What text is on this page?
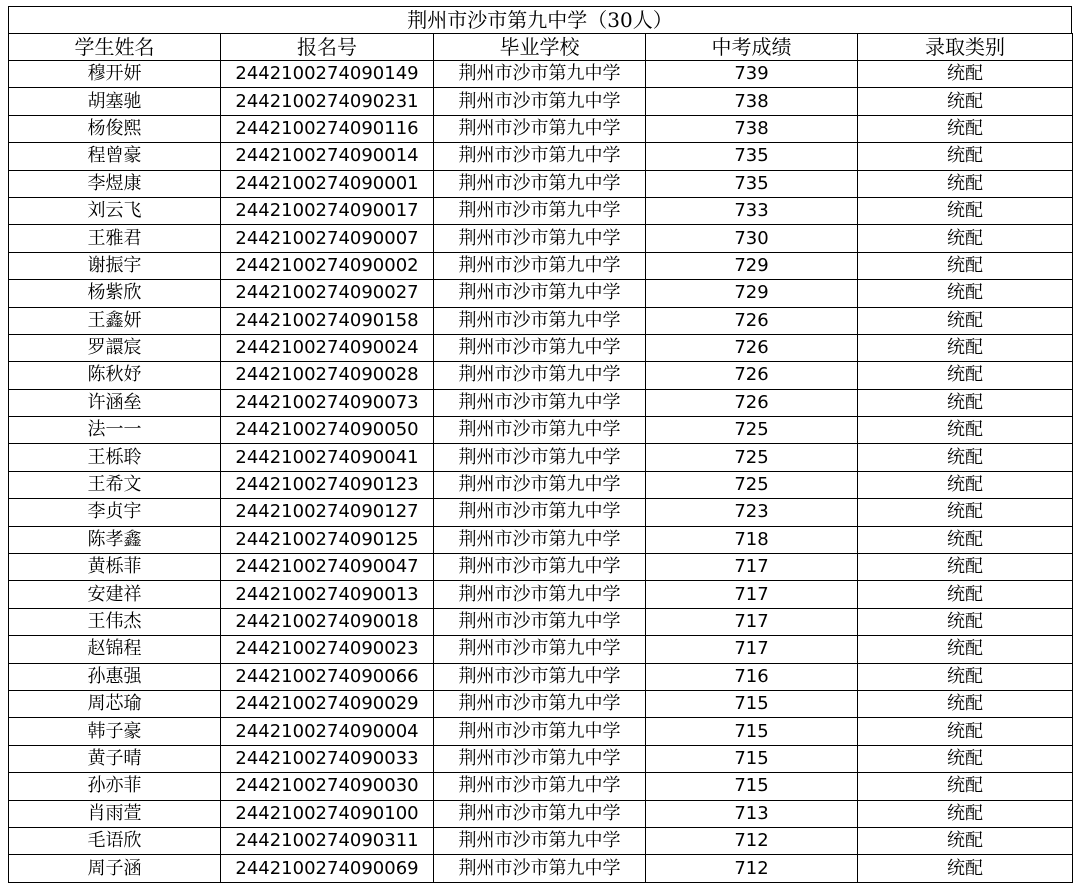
荆州市沙市第九中学（30人）
学生姓名	报名号	毕业学校	中考成绩	录取类别
穆开妍	2442100274090149	荆州市沙市第九中学	739	统配
胡塞驰	2442100274090231	荆州市沙市第九中学	738	统配
杨俊熙	2442100274090116	荆州市沙市第九中学	738	统配
程曾豪	2442100274090014	荆州市沙市第九中学	735	统配
李煜康	2442100274090001	荆州市沙市第九中学	735	统配
刘云飞	2442100274090017	荆州市沙市第九中学	733	统配
王雅君	2442100274090007	荆州市沙市第九中学	730	统配
谢振宇	2442100274090002	荆州市沙市第九中学	729	统配
杨紫欣	2442100274090027	荆州市沙市第九中学	729	统配
王鑫妍	2442100274090158	荆州市沙市第九中学	726	统配
罗譞宸	2442100274090024	荆州市沙市第九中学	726	统配
陈秋妤	2442100274090028	荆州市沙市第九中学	726	统配
许涵垒	2442100274090073	荆州市沙市第九中学	726	统配
法一一	2442100274090050	荆州市沙市第九中学	725	统配
王栎聆	2442100274090041	荆州市沙市第九中学	725	统配
王希文	2442100274090123	荆州市沙市第九中学	725	统配
李贞宇	2442100274090127	荆州市沙市第九中学	723	统配
陈孝鑫	2442100274090125	荆州市沙市第九中学	718	统配
黄栎菲	2442100274090047	荆州市沙市第九中学	717	统配
安建祥	2442100274090013	荆州市沙市第九中学	717	统配
王伟杰	2442100274090018	荆州市沙市第九中学	717	统配
赵锦程	2442100274090023	荆州市沙市第九中学	717	统配
孙惠强	2442100274090066	荆州市沙市第九中学	716	统配
周芯瑜	2442100274090029	荆州市沙市第九中学	715	统配
韩子豪	2442100274090004	荆州市沙市第九中学	715	统配
黄子晴	2442100274090033	荆州市沙市第九中学	715	统配
孙亦菲	2442100274090030	荆州市沙市第九中学	715	统配
肖雨萱	2442100274090100	荆州市沙市第九中学	713	统配
毛语欣	2442100274090311	荆州市沙市第九中学	712	统配
周子涵	2442100274090069	荆州市沙市第九中学	712	统配
